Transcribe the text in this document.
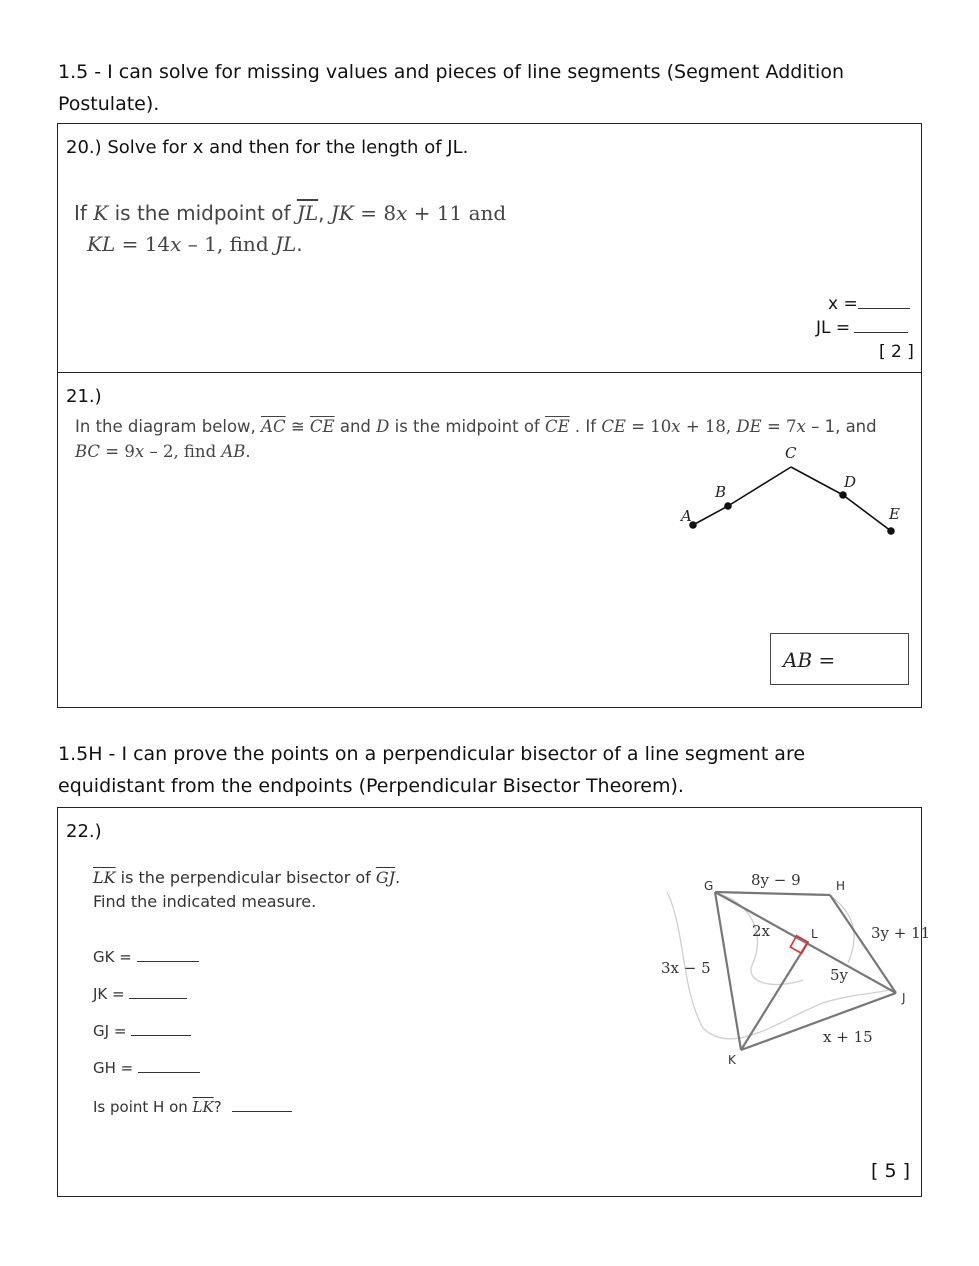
1.5 - I can solve for missing values and pieces of line segments (Segment Addition
Postulate).
20.) Solve for x and then for the length of JL.
If K is the midpoint of $\overline{JL}$, JK = 8x + 11 and
KL = 14x – 1, find JL.
x =
JL =
[ 2 ]
21.)
In the diagram below, $\overline{AC}$ ≅ $\overline{CE}$ and D is the midpoint of $\overline{CE}$ . If CE = 10x + 18, DE = 7x – 1, and
BC = 9x – 2, find AB.
A
B
C
D
E
AB =
1.5H - I can prove the points on a perpendicular bisector of a line segment are
equidistant from the endpoints (Perpendicular Bisector Theorem).
22.)
$\overline{LK}$ is the perpendicular bisector of $\overline{GJ}$.
Find the indicated measure.
GK =
JK =
GJ =
GH =
Is point H on $\overline{LK}$?
G	H
L
J
K
8y − 9
3y + 11
2x
5y
3x − 5
x + 15
[ 5 ]
